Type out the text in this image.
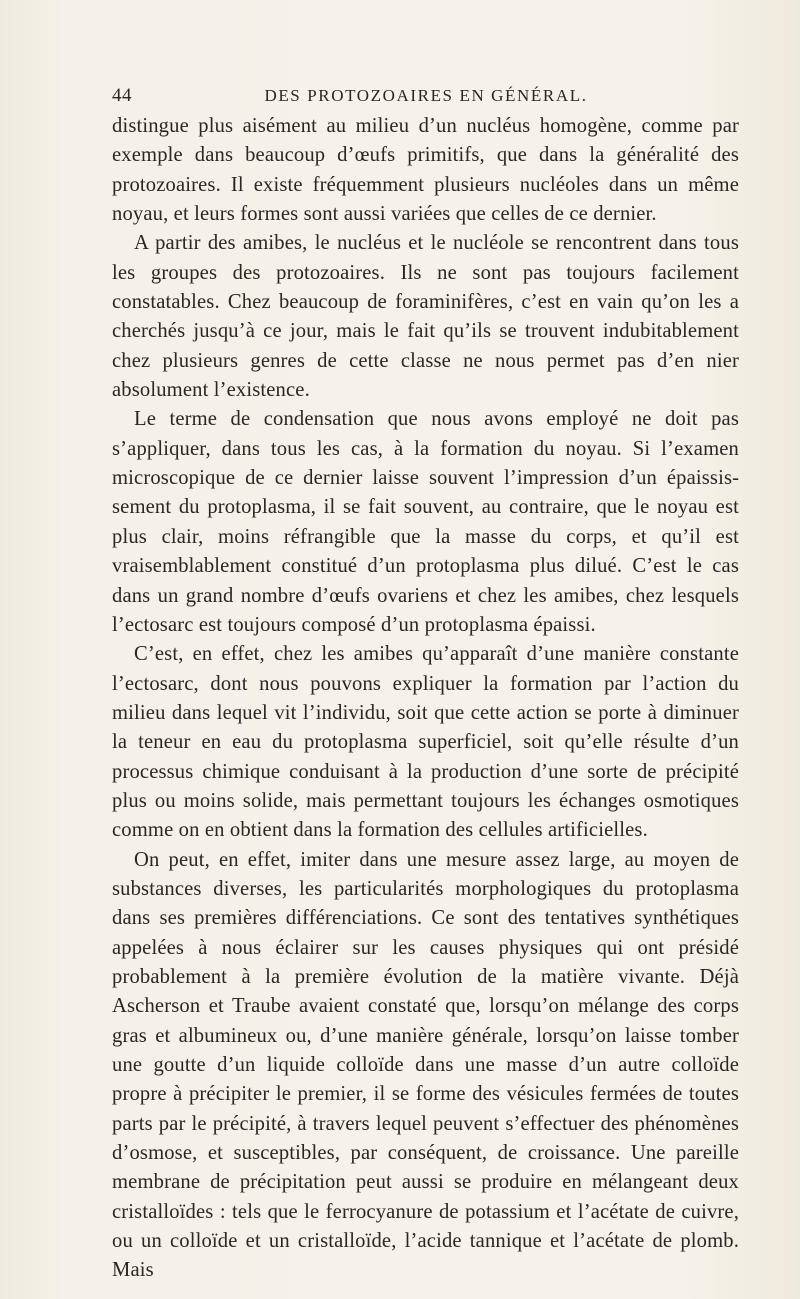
44	DES PROTOZOAIRES EN GÉNÉRAL.

distingue plus aisément au milieu d’un nucléus homogène, comme par exemple dans beaucoup d’œufs primitifs, que dans la généralité des protozoaires. Il existe fréquemment plusieurs nucléoles dans un même noyau, et leurs formes sont aussi variées que celles de ce dernier.

A partir des amibes, le nucléus et le nucléole se rencontrent dans tous les groupes des protozoaires. Ils ne sont pas toujours facilement constatables. Chez beaucoup de foraminifères, c’est en vain qu’on les a cherchés jusqu’à ce jour, mais le fait qu’ils se trouvent indubitablement chez plusieurs genres de cette classe ne nous permet pas d’en nier absolument l’existence.

Le terme de condensation que nous avons employé ne doit pas s’appliquer, dans tous les cas, à la formation du noyau. Si l’examen microscopique de ce dernier laisse souvent l’impression d’un épaississement du protoplasma, il se fait souvent, au contraire, que le noyau est plus clair, moins réfrangible que la masse du corps, et qu’il est vraisemblablement constitué d’un protoplasma plus dilué. C’est le cas dans un grand nombre d’œufs ovariens et chez les amibes, chez lesquels l’ectosarc est toujours composé d’un protoplasma épaissi.

C’est, en effet, chez les amibes qu’apparaît d’une manière constante l’ectosarc, dont nous pouvons expliquer la formation par l’action du milieu dans lequel vit l’individu, soit que cette action se porte à diminuer la teneur en eau du protoplasma superficiel, soit qu’elle résulte d’un processus chimique conduisant à la production d’une sorte de précipité plus ou moins solide, mais permettant toujours les échanges osmotiques comme on en obtient dans la formation des cellules artificielles.

On peut, en effet, imiter dans une mesure assez large, au moyen de substances diverses, les particularités morphologiques du protoplasma dans ses premières différenciations. Ce sont des tentatives synthétiques appelées à nous éclairer sur les causes physiques qui ont présidé probablement à la première évolution de la matière vivante. Déjà Ascherson et Traube avaient constaté que, lorsqu’on mélange des corps gras et albumineux ou, d’une manière générale, lorsqu’on laisse tomber une goutte d’un liquide colloïde dans une masse d’un autre colloïde propre à précipiter le premier, il se forme des vésicules fermées de toutes parts par le précipité, à travers lequel peuvent s’effectuer des phénomènes d’osmose, et susceptibles, par conséquent, de croissance. Une pareille membrane de précipitation peut aussi se produire en mélangeant deux cristalloïdes : tels que le ferrocyanure de potassium et l’acétate de cuivre, ou un colloïde et un cristalloïde, l’acide tannique et l’acétate de plomb. Mais
